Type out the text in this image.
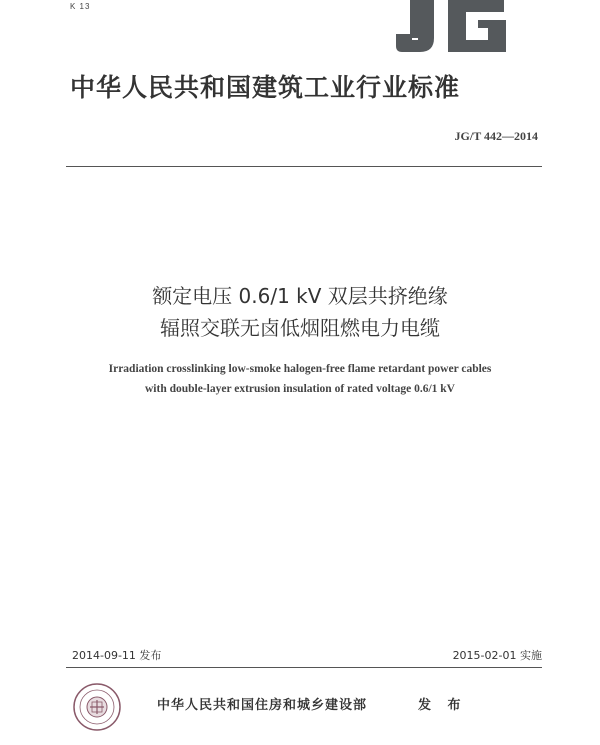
K 13
中华人民共和国建筑工业行业标准
JG/T 442—2014
额定电压 0.6/1 kV 双层共挤绝缘
辐照交联无卤低烟阻燃电力电缆
Irradiation crosslinking low-smoke halogen-free flame retardant power cables
with double-layer extrusion insulation of rated voltage 0.6/1 kV
2014-09-11 发布	2015-02-01 实施
中华人民共和国住房和城乡建设部	发 布
